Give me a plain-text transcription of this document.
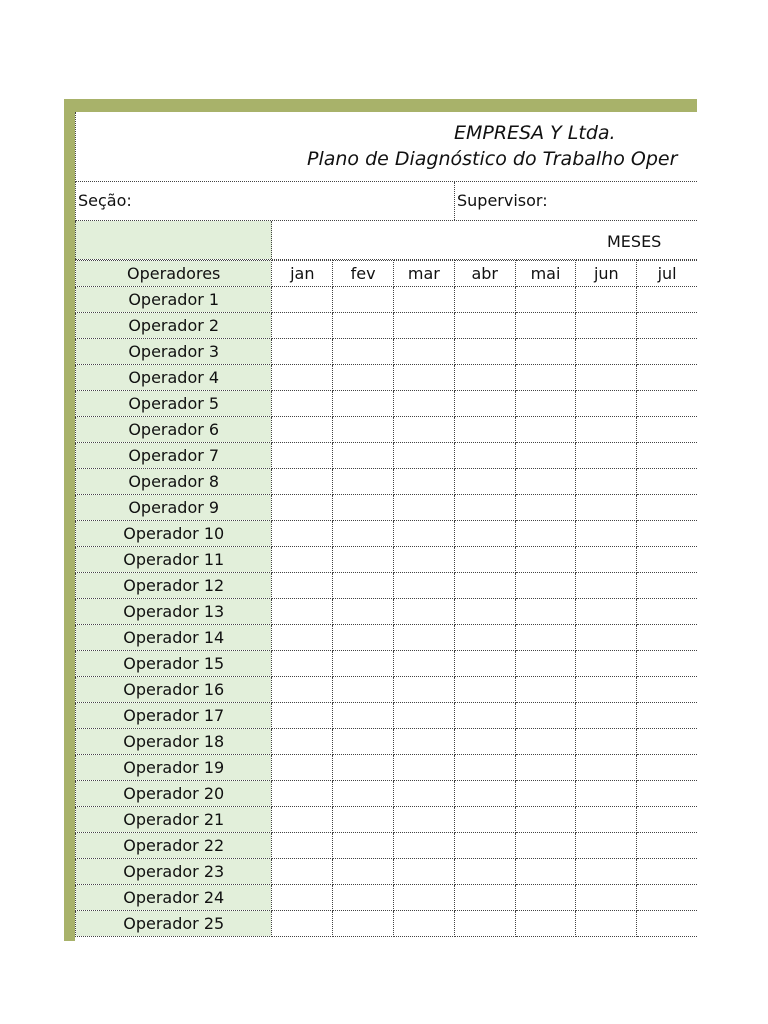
EMPRESA Y Ltda.
Plano de Diagnóstico do Trabalho Oper
Seção:	Supervisor:
MESES
Operadores	jan	fev	mar	abr	mai	jun	jul
Operador 1							
Operador 2							
Operador 3							
Operador 4							
Operador 5							
Operador 6							
Operador 7							
Operador 8							
Operador 9							
Operador 10							
Operador 11							
Operador 12							
Operador 13							
Operador 14							
Operador 15							
Operador 16							
Operador 17							
Operador 18							
Operador 19							
Operador 20							
Operador 21							
Operador 22							
Operador 23							
Operador 24							
Operador 25							
